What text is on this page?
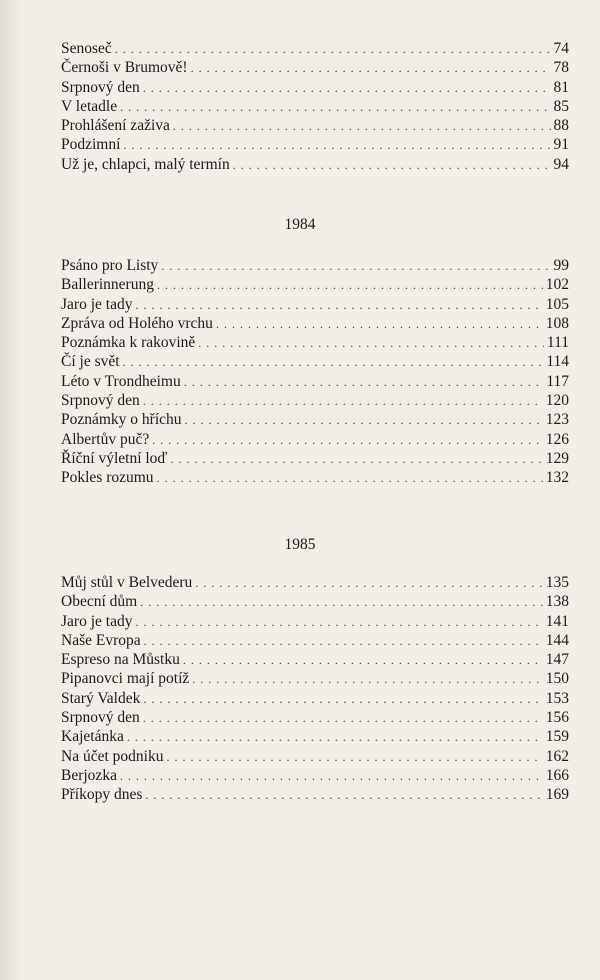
Senoseč . . .	74
Černoši v Brumově! . . .	78
Srpnový den . . .	81
V letadle . . .	85
Prohlášení zaživa . . .	88
Podzimní . . .	91
Už je, chlapci, malý termín . . .	94
1984
Psáno pro Listy . . .	99
Ballerinnerung . . .	102
Jaro je tady . . .	105
Zpráva od Holého vrchu . . .	108
Poznámka k rakovině . . .	111
Čí je svět . . .	114
Léto v Trondheimu . . .	117
Srpnový den . . .	120
Poznámky o hříchu . . .	123
Albertův puč? . . .	126
Říční výletní loď . . .	129
Pokles rozumu . . .	132
1985
Můj stůl v Belvederu . . .	135
Obecní dům . . .	138
Jaro je tady . . .	141
Naše Evropa . . .	144
Espreso na Můstku . . .	147
Pipanovci mají potíž . . .	150
Starý Valdek . . .	153
Srpnový den . . .	156
Kajetánka . . .	159
Na účet podniku . . .	162
Berjozka . . .	166
Příkopy dnes . . .	169
